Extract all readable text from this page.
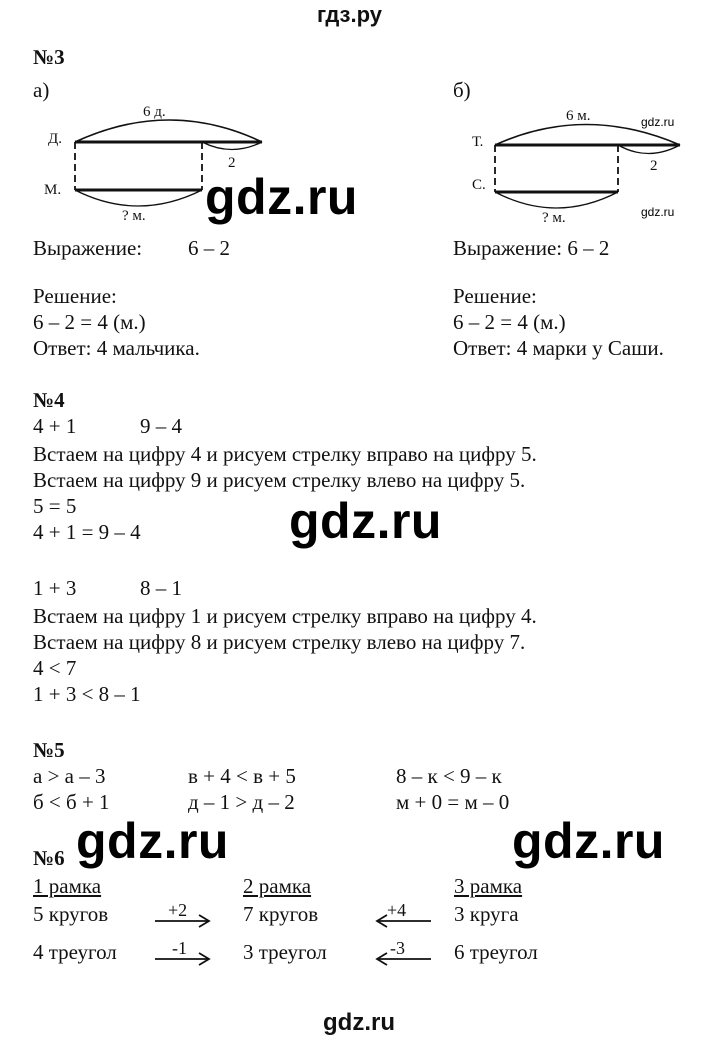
гдз.ру
№3
а)	б)
6 д.
Д.
М.
2
? м.
6 м.
Т.
С.
2
? м.
gdz.ru
gdz.ru
gdz.ru
Выражение: 6 – 2
Решение:
6 – 2 = 4 (м.)
Ответ: 4 мальчика.
Выражение: 6 – 2
Решение:
6 – 2 = 4 (м.)
Ответ: 4 марки у Саши.
№4
4 + 1	9 – 4
Встаем на цифру 4 и рисуем стрелку вправо на цифру 5.
Встаем на цифру 9 и рисуем стрелку влево на цифру 5.
5 = 5
4 + 1 = 9 – 4	gdz.ru
1 + 3	8 – 1
Встаем на цифру 1 и рисуем стрелку вправо на цифру 4.
Встаем на цифру 8 и рисуем стрелку влево на цифру 7.
4 < 7
1 + 3 < 8 – 1
№5
а > а – 3	в + 4 < в + 5	8 – к < 9 – к
б < б + 1	д – 1 > д – 2	м + 0 = м – 0
gdz.ru	gdz.ru
№6
1 рамка	2 рамка	3 рамка
5 кругов	+2	7 кругов	+4 3 круга
4 треугол	-1	3 треугол	-3 6 треугол
gdz.ru
